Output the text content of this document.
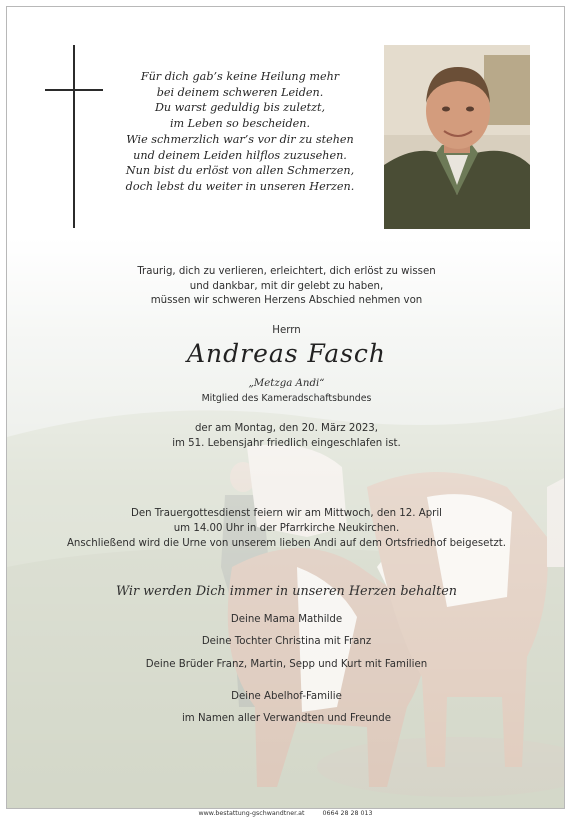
Für dich gab’s keine Heilung mehr
bei deinem schweren Leiden.
Du warst geduldig bis zuletzt,
im Leben so bescheiden.
Wie schmerzlich war’s vor dir zu stehen
und deinem Leiden hilflos zuzusehen.
Nun bist du erlöst von allen Schmerzen,
doch lebst du weiter in unseren Herzen.
Traurig, dich zu verlieren, erleichtert, dich erlöst zu wissen
und dankbar, mit dir gelebt zu haben,
müssen wir schweren Herzens Abschied nehmen von
Herrn
Andreas Fasch
„Metzga Andi“
Mitglied des Kameradschaftsbundes
der am Montag, den 20. März 2023,
im 51. Lebensjahr friedlich eingeschlafen ist.
Den Trauergottesdienst feiern wir am Mittwoch, den 12. April
um 14.00 Uhr in der Pfarrkirche Neukirchen.
Anschließend wird die Urne von unserem lieben Andi auf dem Ortsfriedhof beigesetzt.
Wir werden Dich immer in unseren Herzen behalten
Deine Mama Mathilde
Deine Tochter Christina mit Franz
Deine Brüder Franz, Martin, Sepp und Kurt mit Familien
Deine Abelhof-Familie
im Namen aller Verwandten und Freunde
www.bestattung-gschwandtner.at	0664 28 28 013
